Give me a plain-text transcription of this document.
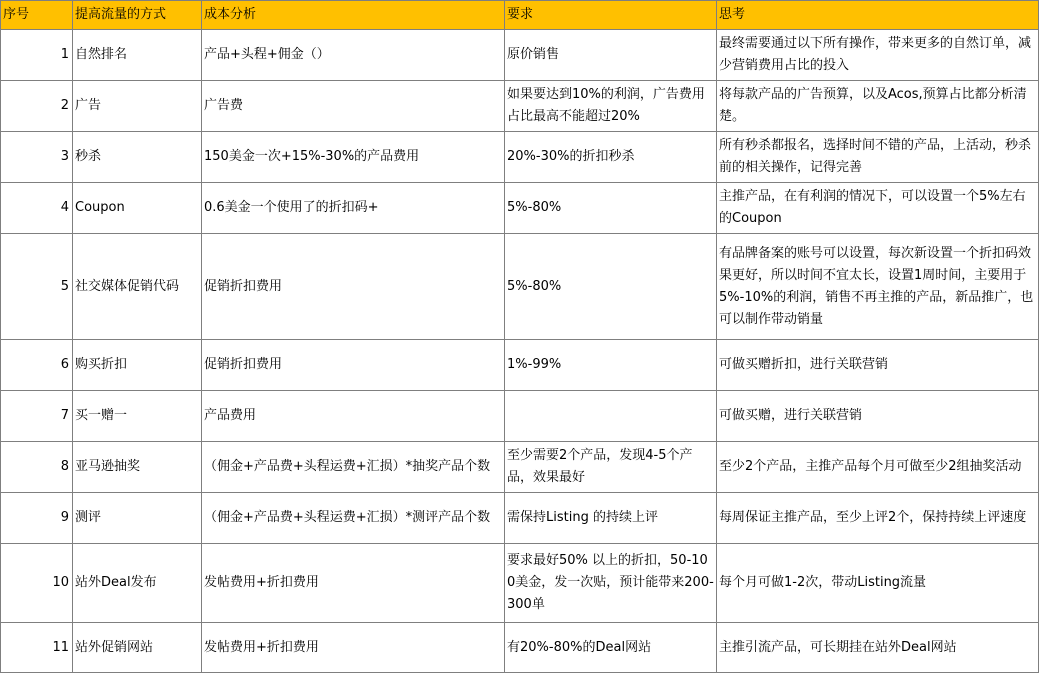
序号	提高流量的方式	成本分析	要求	思考
1	自然排名	产品+头程+佣金（）	原价销售	最终需要通过以下所有操作，带来更多的自然订单，减少营销费用占比的投入
2	广告	广告费	如果要达到10%的利润，广告费用占比最高不能超过20%	将每款产品的广告预算，以及Acos,预算占比都分析清楚。
3	秒杀	150美金一次+15%-30%的产品费用	20%-30%的折扣秒杀	所有秒杀都报名，选择时间不错的产品，上活动，秒杀前的相关操作，记得完善
4	Coupon	0.6美金一个使用了的折扣码+	5%-80%	主推产品，在有利润的情况下，可以设置一个5%左右的Coupon
5	社交媒体促销代码	促销折扣费用	5%-80%	有品牌备案的账号可以设置，每次新设置一个折扣码效果更好，所以时间不宜太长，设置1周时间，主要用于5%-10%的利润，销售不再主推的产品，新品推广，也可以制作带动销量
6	购买折扣	促销折扣费用	1%-99%	可做买赠折扣，进行关联营销
7	买一赠一	产品费用		可做买赠，进行关联营销
8	亚马逊抽奖	（佣金+产品费+头程运费+汇损）*抽奖产品个数	至少需要2个产品，发现4-5个产品，效果最好	至少2个产品，主推产品每个月可做至少2组抽奖活动
9	测评	（佣金+产品费+头程运费+汇损）*测评产品个数	需保持Listing 的持续上评	每周保证主推产品，至少上评2个，保持持续上评速度
10	站外Deal发布	发帖费用+折扣费用	要求最好50% 以上的折扣，50-100美金，发一次贴，预计能带来200-300单	每个月可做1-2次，带动Listing流量
11	站外促销网站	发帖费用+折扣费用	有20%-80%的Deal网站	主推引流产品，可长期挂在站外Deal网站
